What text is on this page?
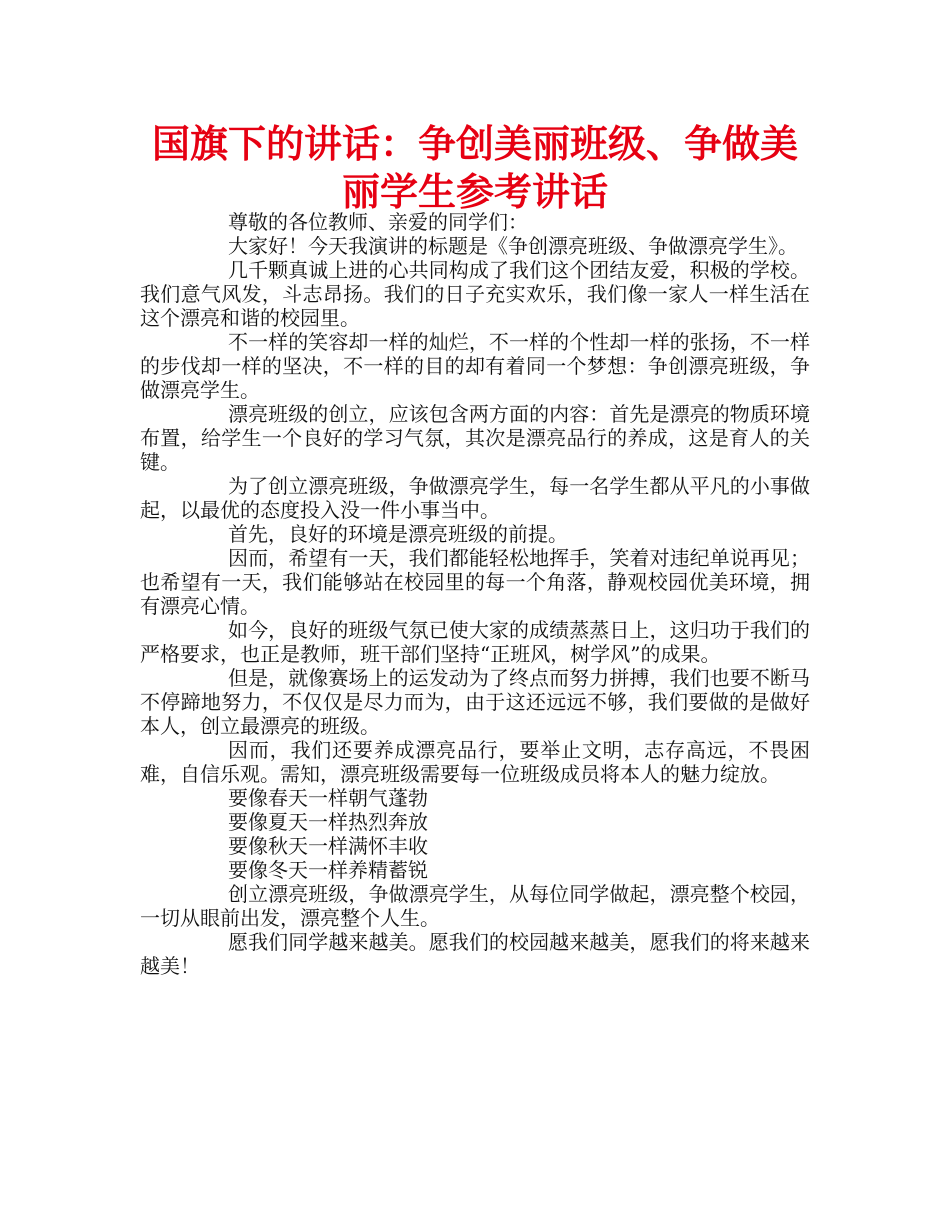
国旗下的讲话：争创美丽班级、争做美丽学生参考讲话

尊敬的各位教师、亲爱的同学们：

大家好！今天我演讲的标题是《争创漂亮班级、争做漂亮学生》。

几千颗真诚上进的心共同构成了我们这个团结友爱，积极的学校。我们意气风发，斗志昂扬。我们的日子充实欢乐，我们像一家人一样生活在这个漂亮和谐的校园里。

不一样的笑容却一样的灿烂，不一样的个性却一样的张扬，不一样的步伐却一样的坚决，不一样的目的却有着同一个梦想：争创漂亮班级，争做漂亮学生。

漂亮班级的创立，应该包含两方面的内容：首先是漂亮的物质环境布置，给学生一个良好的学习气氛，其次是漂亮品行的养成，这是育人的关键。

为了创立漂亮班级，争做漂亮学生，每一名学生都从平凡的小事做起，以最优的态度投入没一件小事当中。

首先，良好的环境是漂亮班级的前提。

因而，希望有一天，我们都能轻松地挥手，笑着对违纪单说再见；也希望有一天，我们能够站在校园里的每一个角落，静观校园优美环境，拥有漂亮心情。

如今，良好的班级气氛已使大家的成绩蒸蒸日上，这归功于我们的严格要求，也正是教师，班干部们坚持“正班风，树学风”的成果。

但是，就像赛场上的运发动为了终点而努力拼搏，我们也要不断马不停蹄地努力，不仅仅是尽力而为，由于这还远远不够，我们要做的是做好本人，创立最漂亮的班级。

因而，我们还要养成漂亮品行，要举止文明，志存高远，不畏困难，自信乐观。需知，漂亮班级需要每一位班级成员将本人的魅力绽放。

要像春天一样朝气蓬勃

要像夏天一样热烈奔放

要像秋天一样满怀丰收

要像冬天一样养精蓄锐

创立漂亮班级，争做漂亮学生，从每位同学做起，漂亮整个校园，一切从眼前出发，漂亮整个人生。

愿我们同学越来越美。愿我们的校园越来越美，愿我们的将来越来越美！
